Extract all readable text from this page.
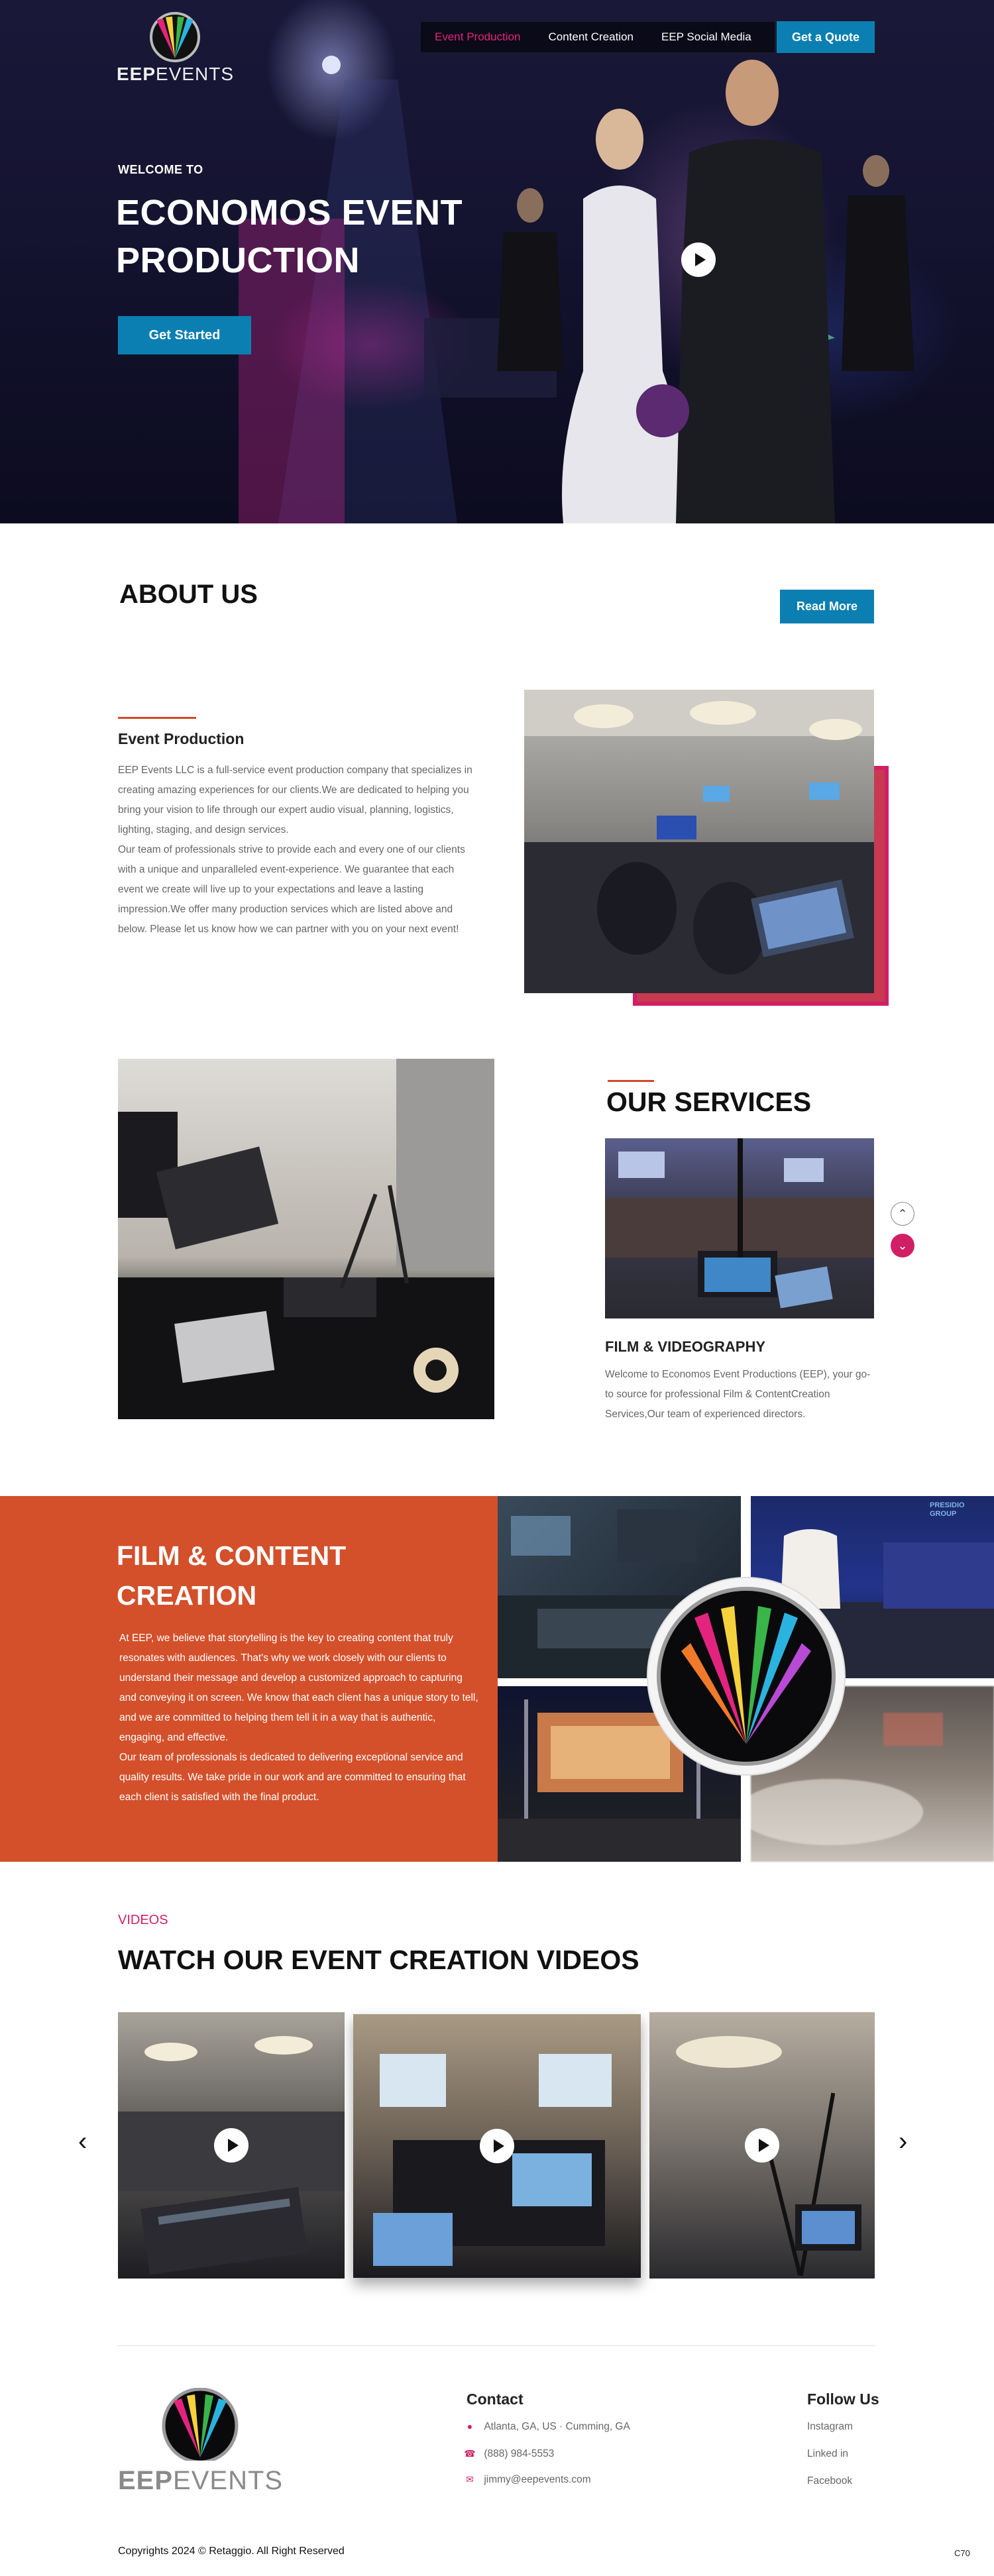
EEPEVENTS
Event Production	Content Creation	EEP Social Media	Get a Quote
WELCOME TO
ECONOMOS EVENT PRODUCTION
Get Started
ABOUT US	Read More
Event Production

EEP Events LLC is a full-service event production company that specializes in creating amazing experiences for our clients.We are dedicated to helping you bring your vision to life through our expert audio visual, planning, logistics, lighting, staging, and design services.

Our team of professionals strive to provide each and every one of our clients with a unique and unparalleled event-experience. We guarantee that each event we create will live up to your expectations and leave a lasting impression.We offer many production services which are listed above and below. Please let us know how we can partner with you on your next event!

OUR SERVICES
⌃
⌄
FILM & VIDEOGRAPHY

Welcome to Economos Event Productions (EEP), your go-to source for professional Film & ContentCreation Services,Our team of experienced directors.

FILM & CONTENT CREATION

At EEP, we believe that storytelling is the key to creating content that truly resonates with audiences. That's why we work closely with our clients to understand their message and develop a customized approach to capturing and conveying it on screen. We know that each client has a unique story to tell, and we are committed to helping them tell it in a way that is authentic, engaging, and effective.

Our team of professionals is dedicated to delivering exceptional service and quality results. We take pride in our work and are committed to ensuring that each client is satisfied with the final product.

PRESIDIO GROUP
VIDEOS
WATCH OUR EVENT CREATION VIDEOS
‹	›
EEPEVENTS
Contact
● Atlanta, GA, US · Cumming, GA
☎ (888) 984-5553
✉ jimmy@eepevents.com
Follow Us
Instagram
Linked in
Facebook
Copyrights 2024 © Retaggio. All Right Reserved	C70
